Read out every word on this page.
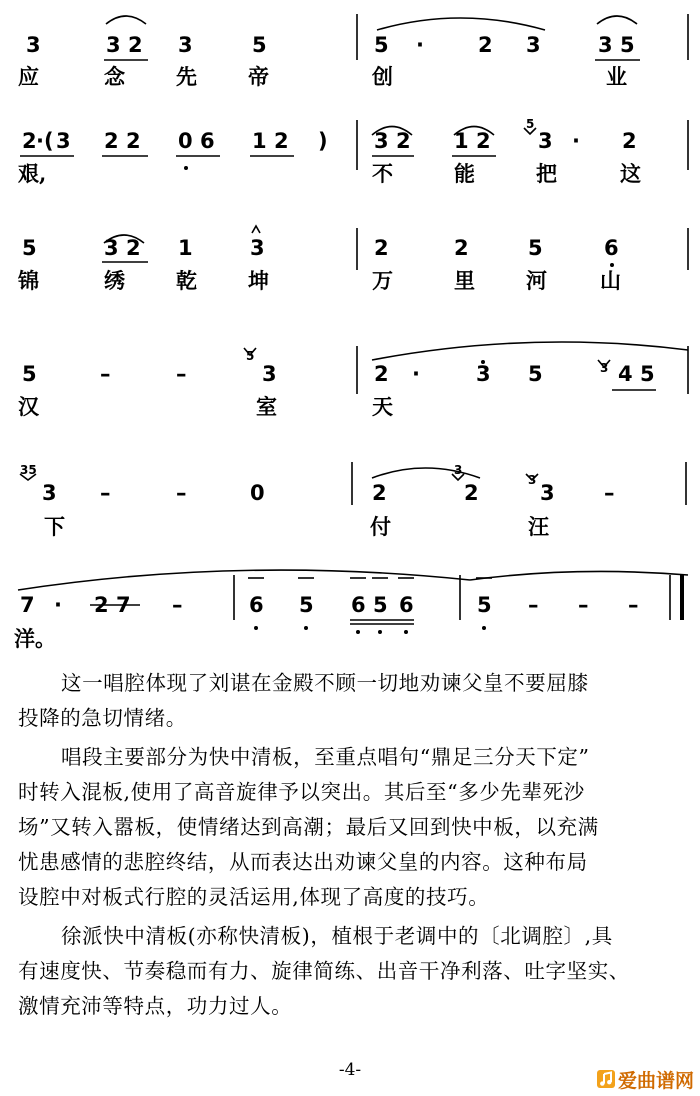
3	3 2 3	5	5 ·	2 3	3 5
应	念 先 帝	创	业
2 · ( 3 2 2 0 6 1 2 ) 3 2 1 2 3 · 2
5
艰,	不	能	把	这
5	3 2 1	3	2	2	5	6
锦	绣 乾 坤	万	里 河	山
5	–	–	3	2 ·	3 5	4 5
5
3
汉	室	天
3 –	–	0	2	2	3 –
35	3
3
下	付	汪
7 · 2 7 –	6 5 6 5 6	5 – – –
洋。

这一唱腔体现了刘谌在金殿不顾一切地劝谏父皇不要屈膝

投降的急切情绪。

唱段主要部分为快中清板，至重点唱句“鼎足三分天下定”

时转入混板,使用了高音旋律予以突出。其后至“多少先辈死沙

场”又转入嚣板，使情绪达到高潮；最后又回到快中板，以充满

忧患感情的悲腔终结，从而表达出劝谏父皇的内容。这种布局

设腔中对板式行腔的灵活运用,体现了高度的技巧。

徐派快中清板(亦称快清板)，植根于老调中的〔北调腔〕,具

有速度快、节奏稳而有力、旋律简练、出音干净利落、吐字坚实、

激情充沛等特点，功力过人。

-4-	爱曲谱网
